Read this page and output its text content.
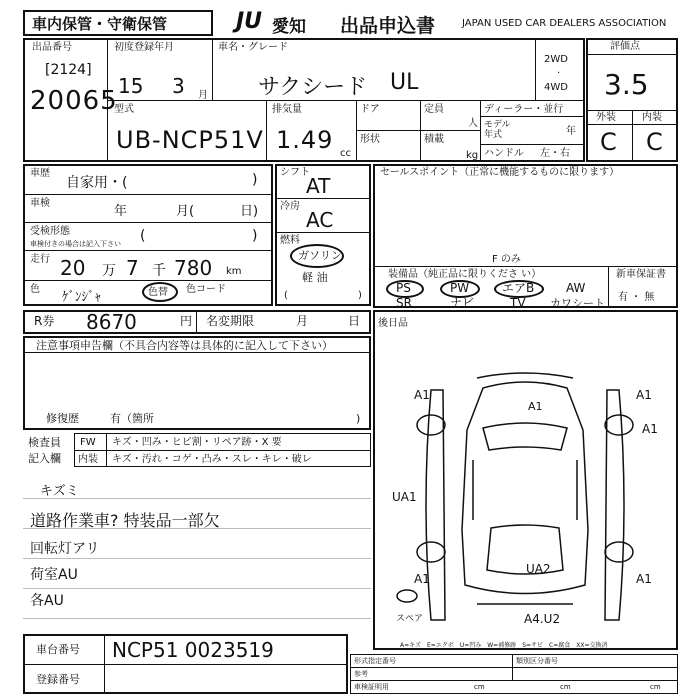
車内保管・守衛保管	JU 愛知 出品申込書	JAPAN USED CAR DEALERS ASSOCIATION
出品番号
[2124]
20065
初度登録年月
15 3 月
車名・グレード
サクシード UL
2WD
·
4WD
型式
UB-NCP51V
排気量
1.49 cc
ドア	定員
人
形状	積載
kg
ディーラー・並行
モデル
年式	年
ハンドル 左・右
評価点
3.5
外装	内装
C C
車歴
自家用・(	)
車検
年	月(	日)
受検形態
車検付きの場合は記入下さい (	)
走行 20 万 7 千 780 km
色
ｹﾞﾝｼﾞｬ	色替 色コード
シフト
AT
冷房
AC
燃料
ガソリン
軽 油
(	)
セールスポイント（正常に機能するものに限ります）
装備品（純正品に限りくださ い）
F のみ
新車保証書
有 ・ 無
PS	PW	エアB	AW
SR	ナビ	TV カワシート
R券 8670	円 名変期限	月	日
注意事項申告欄（不具合内容等は具体的に記入して下さい）
修復歴	有（箇所	)
検査員
記入欄
FW キズ・凹み・ヒビ割・リペア跡・X 要
内装 キズ・汚れ・コゲ・凸み・スレ・キレ・破レ
キズミ
道路作業車? 特装品一部欠
回転灯アリ
荷室AU
各AU
後日品
A1
A1	A1
A1
UA1
A1	A1
UA2
A4.U2
スペア
A=キズ　E=エクボ　U=凹み　W=補修跡　S=サビ　C=腐食　XX=交換済
車台番号 NCP51 0023519
登録番号
形式指定番号	類別区分番号
車検証明用
参考
cm	cm	cm
